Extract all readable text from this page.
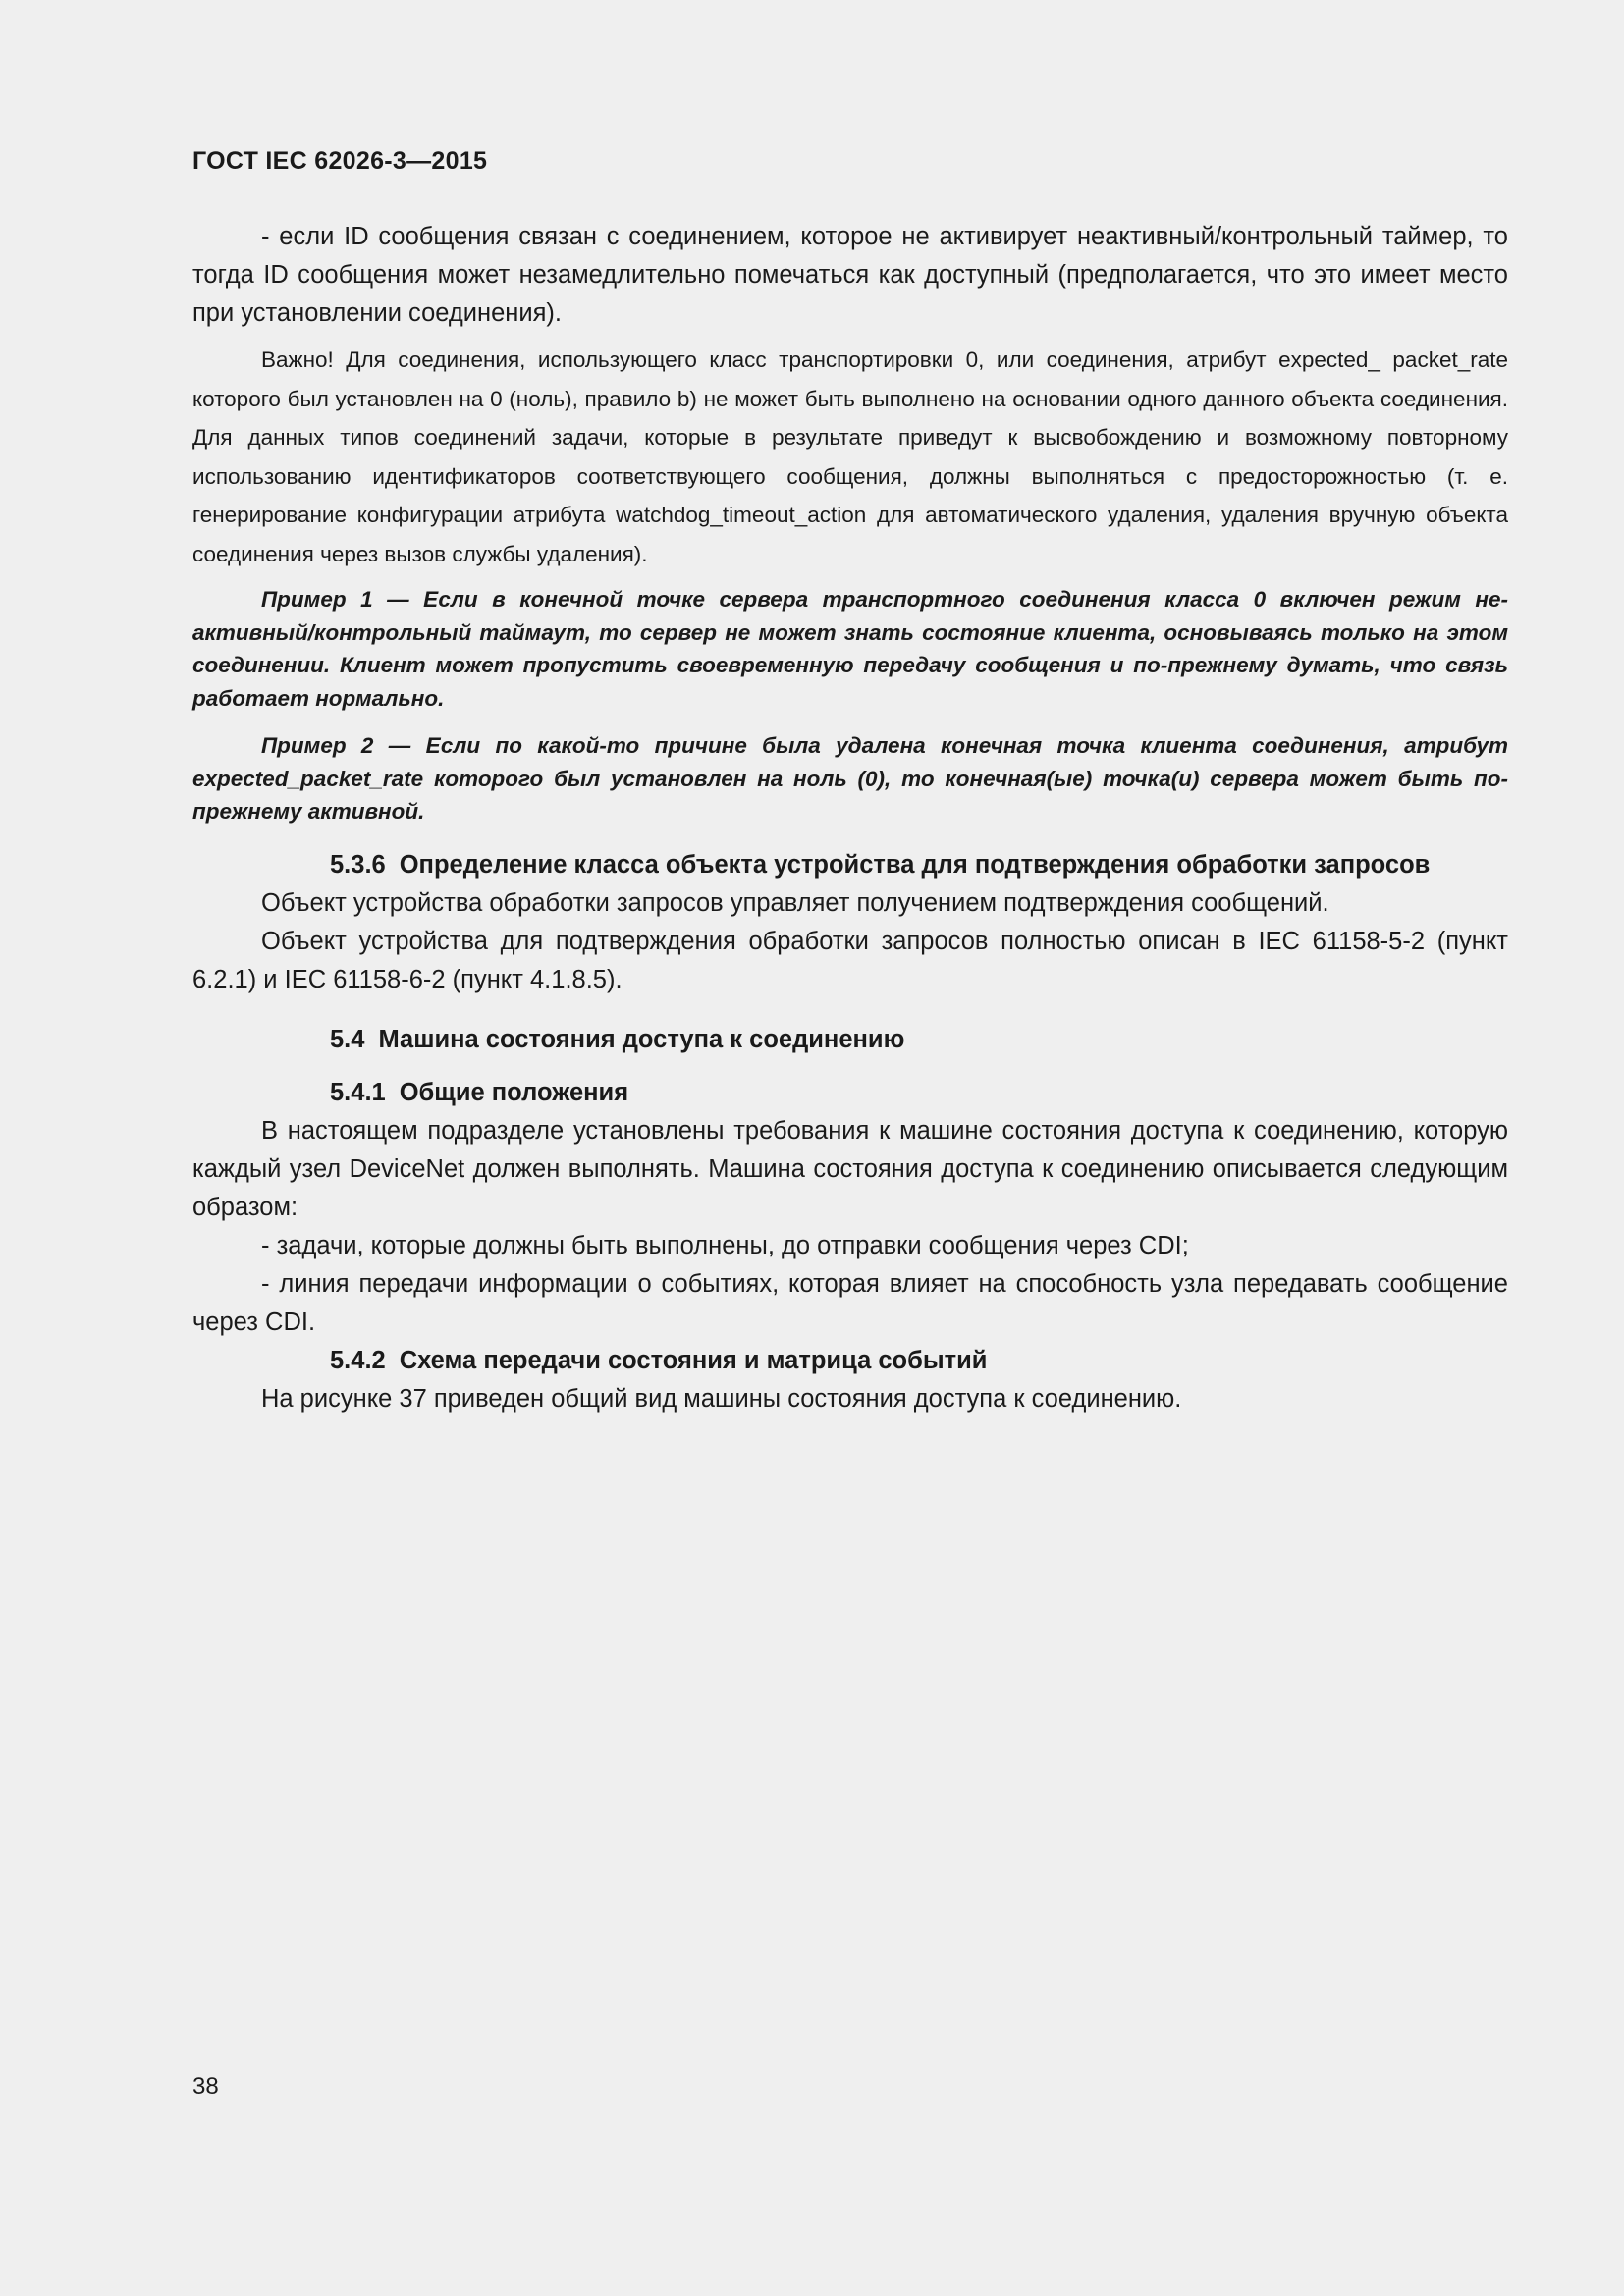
ГОСТ IEC 62026-3—2015

- если ID сообщения связан с соединением, которое не активирует неактивный/контрольный таймер, то тогда ID сообщения может незамедлительно помечаться как доступный (предполагается, что это имеет место при установлении соединения).

Важно! Для соединения, использующего класс транспортировки 0, или соединения, атрибут expected_ packet_rate которого был установлен на 0 (ноль), правило b) не может быть выполнено на основании одного данного объекта соединения. Для данных типов соединений задачи, которые в результате приведут к высвобождению и возможному повторному использованию идентификаторов соответствующего сообщения, должны выполняться с предосторожностью (т. е. генерирование конфигурации атрибута watchdog_timeout_action для автоматического удаления, удаления вручную объекта соединения через вызов службы удаления).

Пример 1 — Если в конечной точке сервера транспортного соединения класса 0 включен режим неактивный/контрольный таймаут, то сервер не может знать состояние клиента, основываясь только на этом соединении. Клиент может пропустить своевременную передачу сообщения и по-прежнему думать, что связь работает нормально.

Пример 2 — Если по какой-то причине была удалена конечная точка клиента соединения, атрибут expected_packet_rate которого был установлен на ноль (0), то конечная(ые) точка(и) сервера может быть по-прежнему активной.

5.3.6 Определение класса объекта устройства для подтверждения обработки запросов

Объект устройства обработки запросов управляет получением подтверждения сообщений.

Объект устройства для подтверждения обработки запросов полностью описан в IEC 61158-5-2 (пункт 6.2.1) и IEC 61158-6-2 (пункт 4.1.8.5).

5.4 Машина состояния доступа к соединению

5.4.1 Общие положения

В настоящем подразделе установлены требования к машине состояния доступа к соединению, которую каждый узел DeviceNet должен выполнять. Машина состояния доступа к соединению описывается следующим образом:

- задачи, которые должны быть выполнены, до отправки сообщения через CDI;

- линия передачи информации о событиях, которая влияет на способность узла передавать сообщение через CDI.

5.4.2 Схема передачи состояния и матрица событий

На рисунке 37 приведен общий вид машины состояния доступа к соединению.

38
